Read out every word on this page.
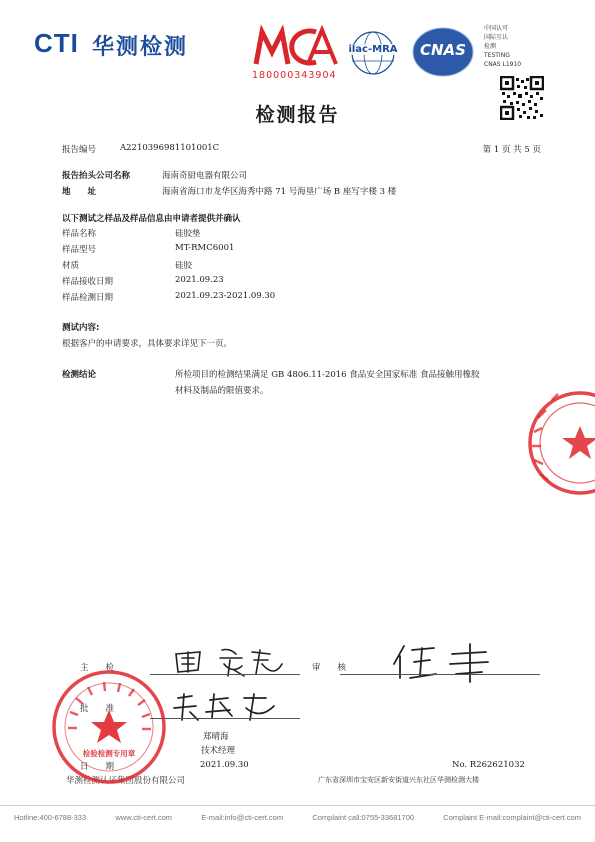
CTI 华测检测
180000343904
ilac-MRA	CNAS
中国认可
国际互认
检测
TESTING
CNAS L1910
检测报告
报告编号	A2210396981101001C	第 1 页 共 5 页
报告抬头公司名称	海南奇厨电器有限公司
地　　址	海南省海口市龙华区海秀中路 71 号海垦广场 B 座写字楼 3 楼
以下测试之样品及样品信息由申请者提供并确认
样品名称	硅胶垫
样品型号	MT-RMC6001
材质	硅胶
样品接收日期	2021.09.23
样品检测日期	2021.09.23-2021.09.30
测试内容:
根据客户的申请要求，具体要求详见下一页。
检测结论	所检项目的检测结果满足 GB 4806.11-2016 食品安全国家标准 食品接触用橡胶
材料及制品的限值要求。
主　　检	审　　核
批　　准
郑晴海
技术经理
日　　期	2021.09.30	No. R262621032
华测检测认证集团股份有限公司	广东省深圳市宝安区新安街道兴东社区华测检测大楼
检验检测专用章
Hotline:400-6788-333	www.cti-cert.com	E-mail:info@cti-cert.com	Complaint call:0755-33681700	Complaint E-mail:complaint@cti-cert.com
